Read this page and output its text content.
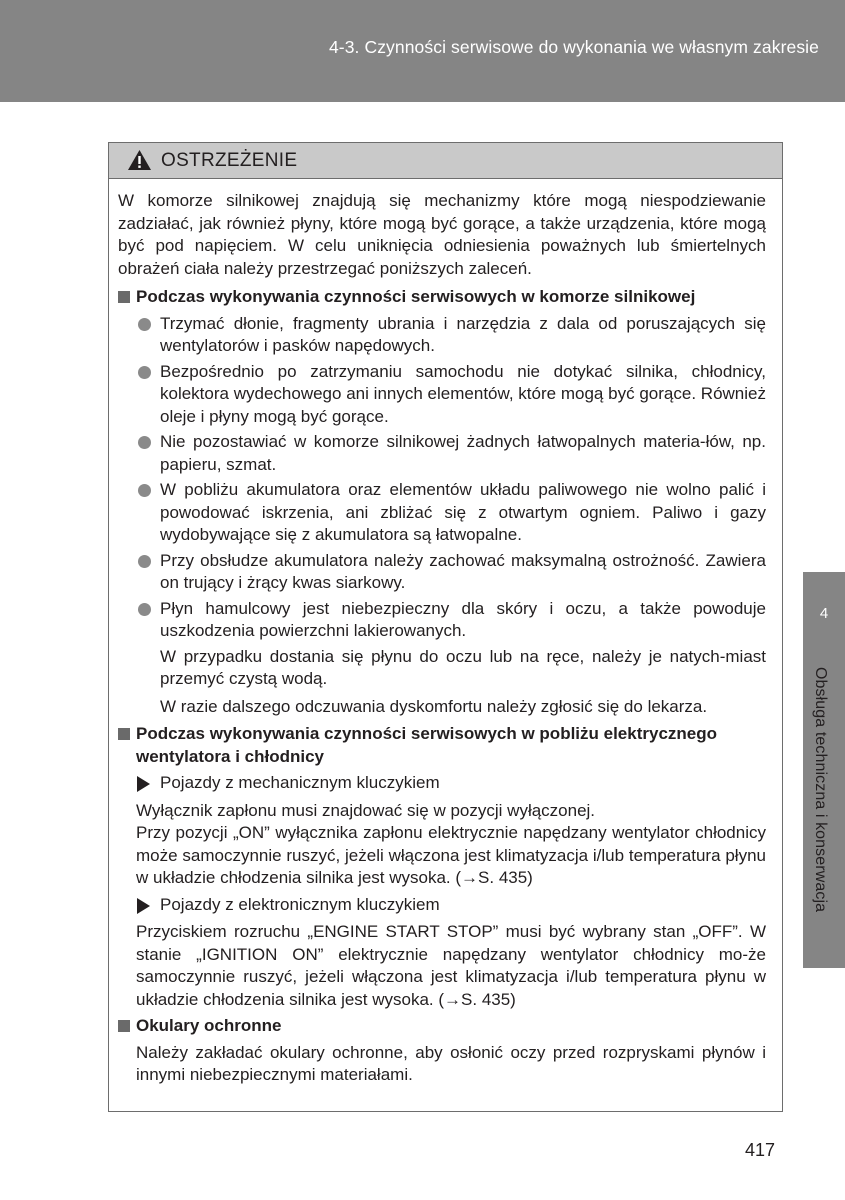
4-3. Czynności serwisowe do wykonania we własnym zakresie
4
Obsługa techniczna i konserwacja
OSTRZEŻENIE

W komorze silnikowej znajdują się mechanizmy które mogą niespodziewanie zadziałać, jak również płyny, które mogą być gorące, a także urządzenia, które mogą być pod napięciem. W celu uniknięcia odniesienia poważnych lub śmiertelnych obrażeń ciała należy przestrzegać poniższych zaleceń.

Podczas wykonywania czynności serwisowych w komorze silnikowej
Trzymać dłonie, fragmenty ubrania i narzędzia z dala od poruszających się wentylatorów i pasków napędowych.
Bezpośrednio po zatrzymaniu samochodu nie dotykać silnika, chłodnicy, kolektora wydechowego ani innych elementów, które mogą być gorące. Również oleje i płyny mogą być gorące.
Nie pozostawiać w komorze silnikowej żadnych łatwopalnych materia-łów, np. papieru, szmat.
W pobliżu akumulatora oraz elementów układu paliwowego nie wolno palić i powodować iskrzenia, ani zbliżać się z otwartym ogniem. Paliwo i gazy wydobywające się z akumulatora są łatwopalne.
Przy obsłudze akumulatora należy zachować maksymalną ostrożność. Zawiera on trujący i żrący kwas siarkowy.
Płyn hamulcowy jest niebezpieczny dla skóry i oczu, a także powoduje uszkodzenia powierzchni lakierowanych.
W przypadku dostania się płynu do oczu lub na ręce, należy je natych-miast przemyć czystą wodą.
W razie dalszego odczuwania dyskomfortu należy zgłosić się do lekarza.
Podczas wykonywania czynności serwisowych w pobliżu elektrycznego wentylatora i chłodnicy
Pojazdy z mechanicznym kluczykiem
Wyłącznik zapłonu musi znajdować się w pozycji wyłączonej.
Przy pozycji „ON” wyłącznika zapłonu elektrycznie napędzany wentylator chłodnicy może samoczynnie ruszyć, jeżeli włączona jest klimatyzacja i/lub temperatura płynu w układzie chłodzenia silnika jest wysoka. (→S. 435)
Pojazdy z elektronicznym kluczykiem
Przyciskiem rozruchu „ENGINE START STOP” musi być wybrany stan „OFF”. W stanie „IGNITION ON” elektrycznie napędzany wentylator chłodnicy mo-że samoczynnie ruszyć, jeżeli włączona jest klimatyzacja i/lub temperatura płynu w układzie chłodzenia silnika jest wysoka. (→S. 435)
Okulary ochronne
Należy zakładać okulary ochronne, aby osłonić oczy przed rozpryskami płynów i innymi niebezpiecznymi materiałami.
417
